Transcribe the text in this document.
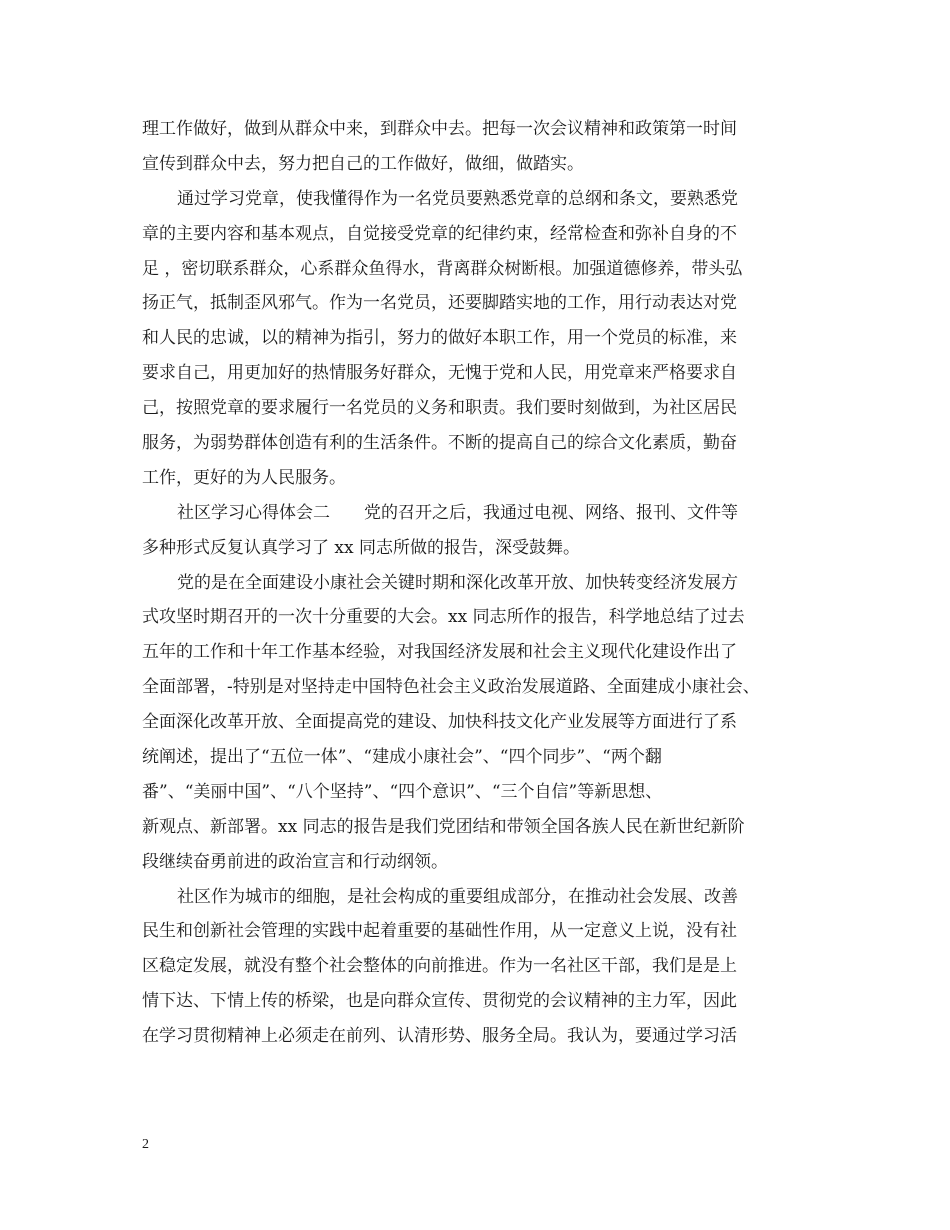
理工作做好，做到从群众中来，到群众中去。把每一次会议精神和政策第一时间
宣传到群众中去，努力把自己的工作做好，做细，做踏实。
通过学习党章，使我懂得作为一名党员要熟悉党章的总纲和条文，要熟悉党
章的主要内容和基本观点，自觉接受党章的纪律约束，经常检查和弥补自身的不
足 ，密切联系群众，心系群众鱼得水，背离群众树断根。加强道德修养，带头弘
扬正气，抵制歪风邪气。作为一名党员，还要脚踏实地的工作，用行动表达对党
和人民的忠诚，以的精神为指引，努力的做好本职工作，用一个党员的标准，来
要求自己，用更加好的热情服务好群众，无愧于党和人民，用党章来严格要求自
己，按照党章的要求履行一名党员的义务和职责。我们要时刻做到，为社区居民
服务，为弱势群体创造有利的生活条件。不断的提高自己的综合文化素质，勤奋
工作，更好的为人民服务。
社区学习心得体会二　　党的召开之后，我通过电视、网络、报刊、文件等
多种形式反复认真学习了 xx 同志所做的报告，深受鼓舞。
党的是在全面建设小康社会关键时期和深化改革开放、加快转变经济发展方
式攻坚时期召开的一次十分重要的大会。xx 同志所作的报告，科学地总结了过去
五年的工作和十年工作基本经验，对我国经济发展和社会主义现代化建设作出了
全面部署，-特别是对坚持走中国特色社会主义政治发展道路、全面建成小康社会、
全面深化改革开放、全面提高党的建设、加快科技文化产业发展等方面进行了系
统阐述，提出了“五位一体”、“建成小康社会”、“四个同步”、“两个翻
番”、“美丽中国”、“八个坚持”、“四个意识”、“三个自信”等新思想、
新观点、新部署。xx 同志的报告是我们党团结和带领全国各族人民在新世纪新阶
段继续奋勇前进的政治宣言和行动纲领。
社区作为城市的细胞，是社会构成的重要组成部分，在推动社会发展、改善
民生和创新社会管理的实践中起着重要的基础性作用，从一定意义上说，没有社
区稳定发展，就没有整个社会整体的向前推进。作为一名社区干部，我们是是上
情下达、下情上传的桥梁，也是向群众宣传、贯彻党的会议精神的主力军，因此
在学习贯彻精神上必须走在前列、认清形势、服务全局。我认为，要通过学习活
2
